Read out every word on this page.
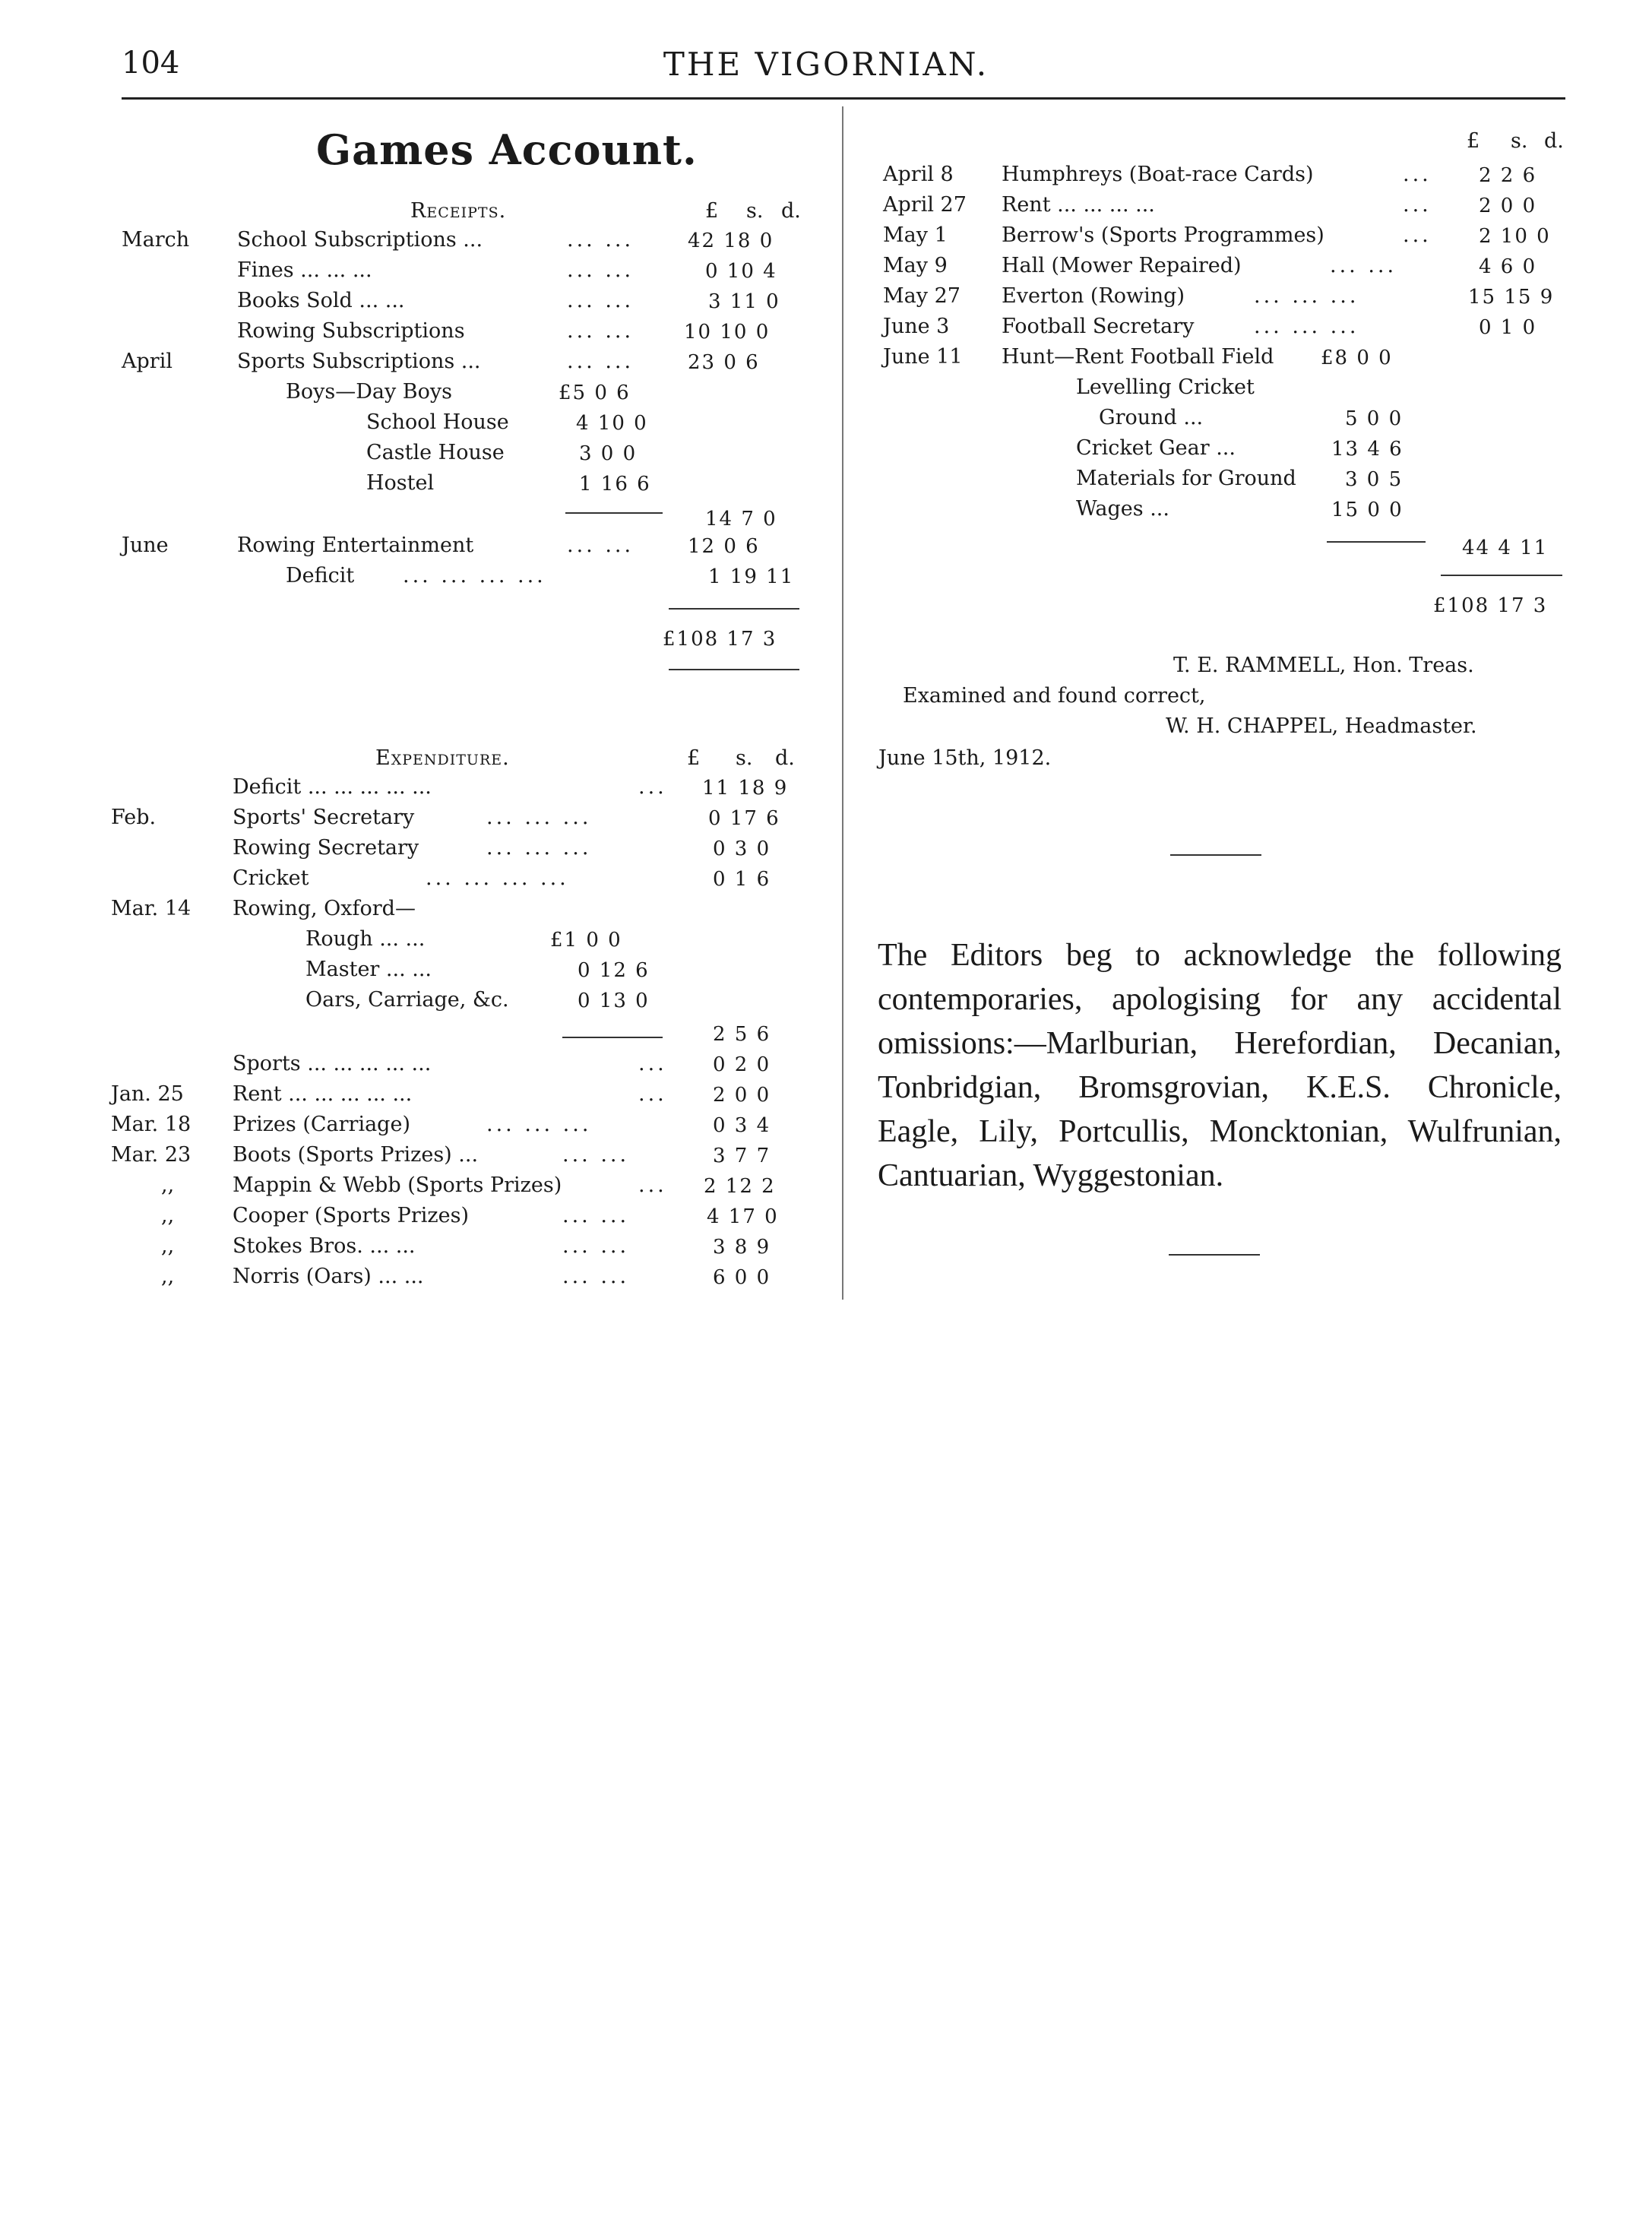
104	THE VIGORNIAN.
Games Account.
Receipts.	£ s. d.
March School Subscriptions ...	... ...	42 18 0
Fines ... ... ...	... ...	0 10 4
Books Sold ... ...	... ...	3 11 0
Rowing Subscriptions	... ...	10 10 0
April	Sports Subscriptions ...	... ...	23 0 6
Boys—Day Boys	£5 0 6
School House	4 10 0
Castle House	3 0 0
Hostel	1 16 6
14 7 0
June	Rowing Entertainment	... ...	12 0 6
Deficit ... ... ... ...	1 19 11
£108 17 3
Expenditure.	£ s. d.
Deficit ... ... ... ... ...	... 11 18 9
Feb.	Sports' Secretary	... ... ...	0 17 6
Rowing Secretary	... ... ...	0 3 0
Cricket	... ... ... ...	0 1 6
Mar. 14 Rowing, Oxford—
Rough ... ...	£1 0 0
Master ... ...	0 12 6
Oars, Carriage, &c.	0 13 0
2 5 6
Sports ... ... ... ... ...	... 0 2 0
Jan. 25 Rent ... ... ... ... ...	... 2 0 0
Mar. 18 Prizes (Carriage)	... ... ...	0 3 4
Mar. 23 Boots (Sports Prizes) ...	... ...	3 7 7
,,	Mappin & Webb (Sports Prizes)	... 2 12 2
,,	Cooper (Sports Prizes)	... ...	4 17 0
,,	Stokes Bros. ... ...	... ...	3 8 9
,,	Norris (Oars) ... ...	... ...	6 0 0
£ s. d.
April 8 Humphreys (Boat-race Cards)	... 2 2 6
April 27 Rent ... ... ... ...	... 2 0 0
May 1	Berrow's (Sports Programmes)	... 2 10 0
May 9	Hall (Mower Repaired)	... ...	4 6 0
May 27 Everton (Rowing)	... ... ...	15 15 9
June 3	Football Secretary	... ... ...	0 1 0
June 11 Hunt—Rent Football Field £8 0 0
Levelling Cricket
Ground ...	5 0 0
Cricket Gear ...	13 4 6
Materials for Ground 3 0 5
Wages ...	15 0 0
44 4 11
£108 17 3
T. E. RAMMELL, Hon. Treas.
Examined and found correct,
W. H. CHAPPEL, Headmaster.
June 15th, 1912.
The Editors beg to acknowledge the following contemporaries, apologising for any accidental omissions:—Marlburian, Herefordian, Decanian, Tonbridgian, Bromsgrovian, K.E.S. Chronicle, Eagle, Lily, Portcullis, Moncktonian, Wulfrunian, Cantuarian, Wyggestonian.
